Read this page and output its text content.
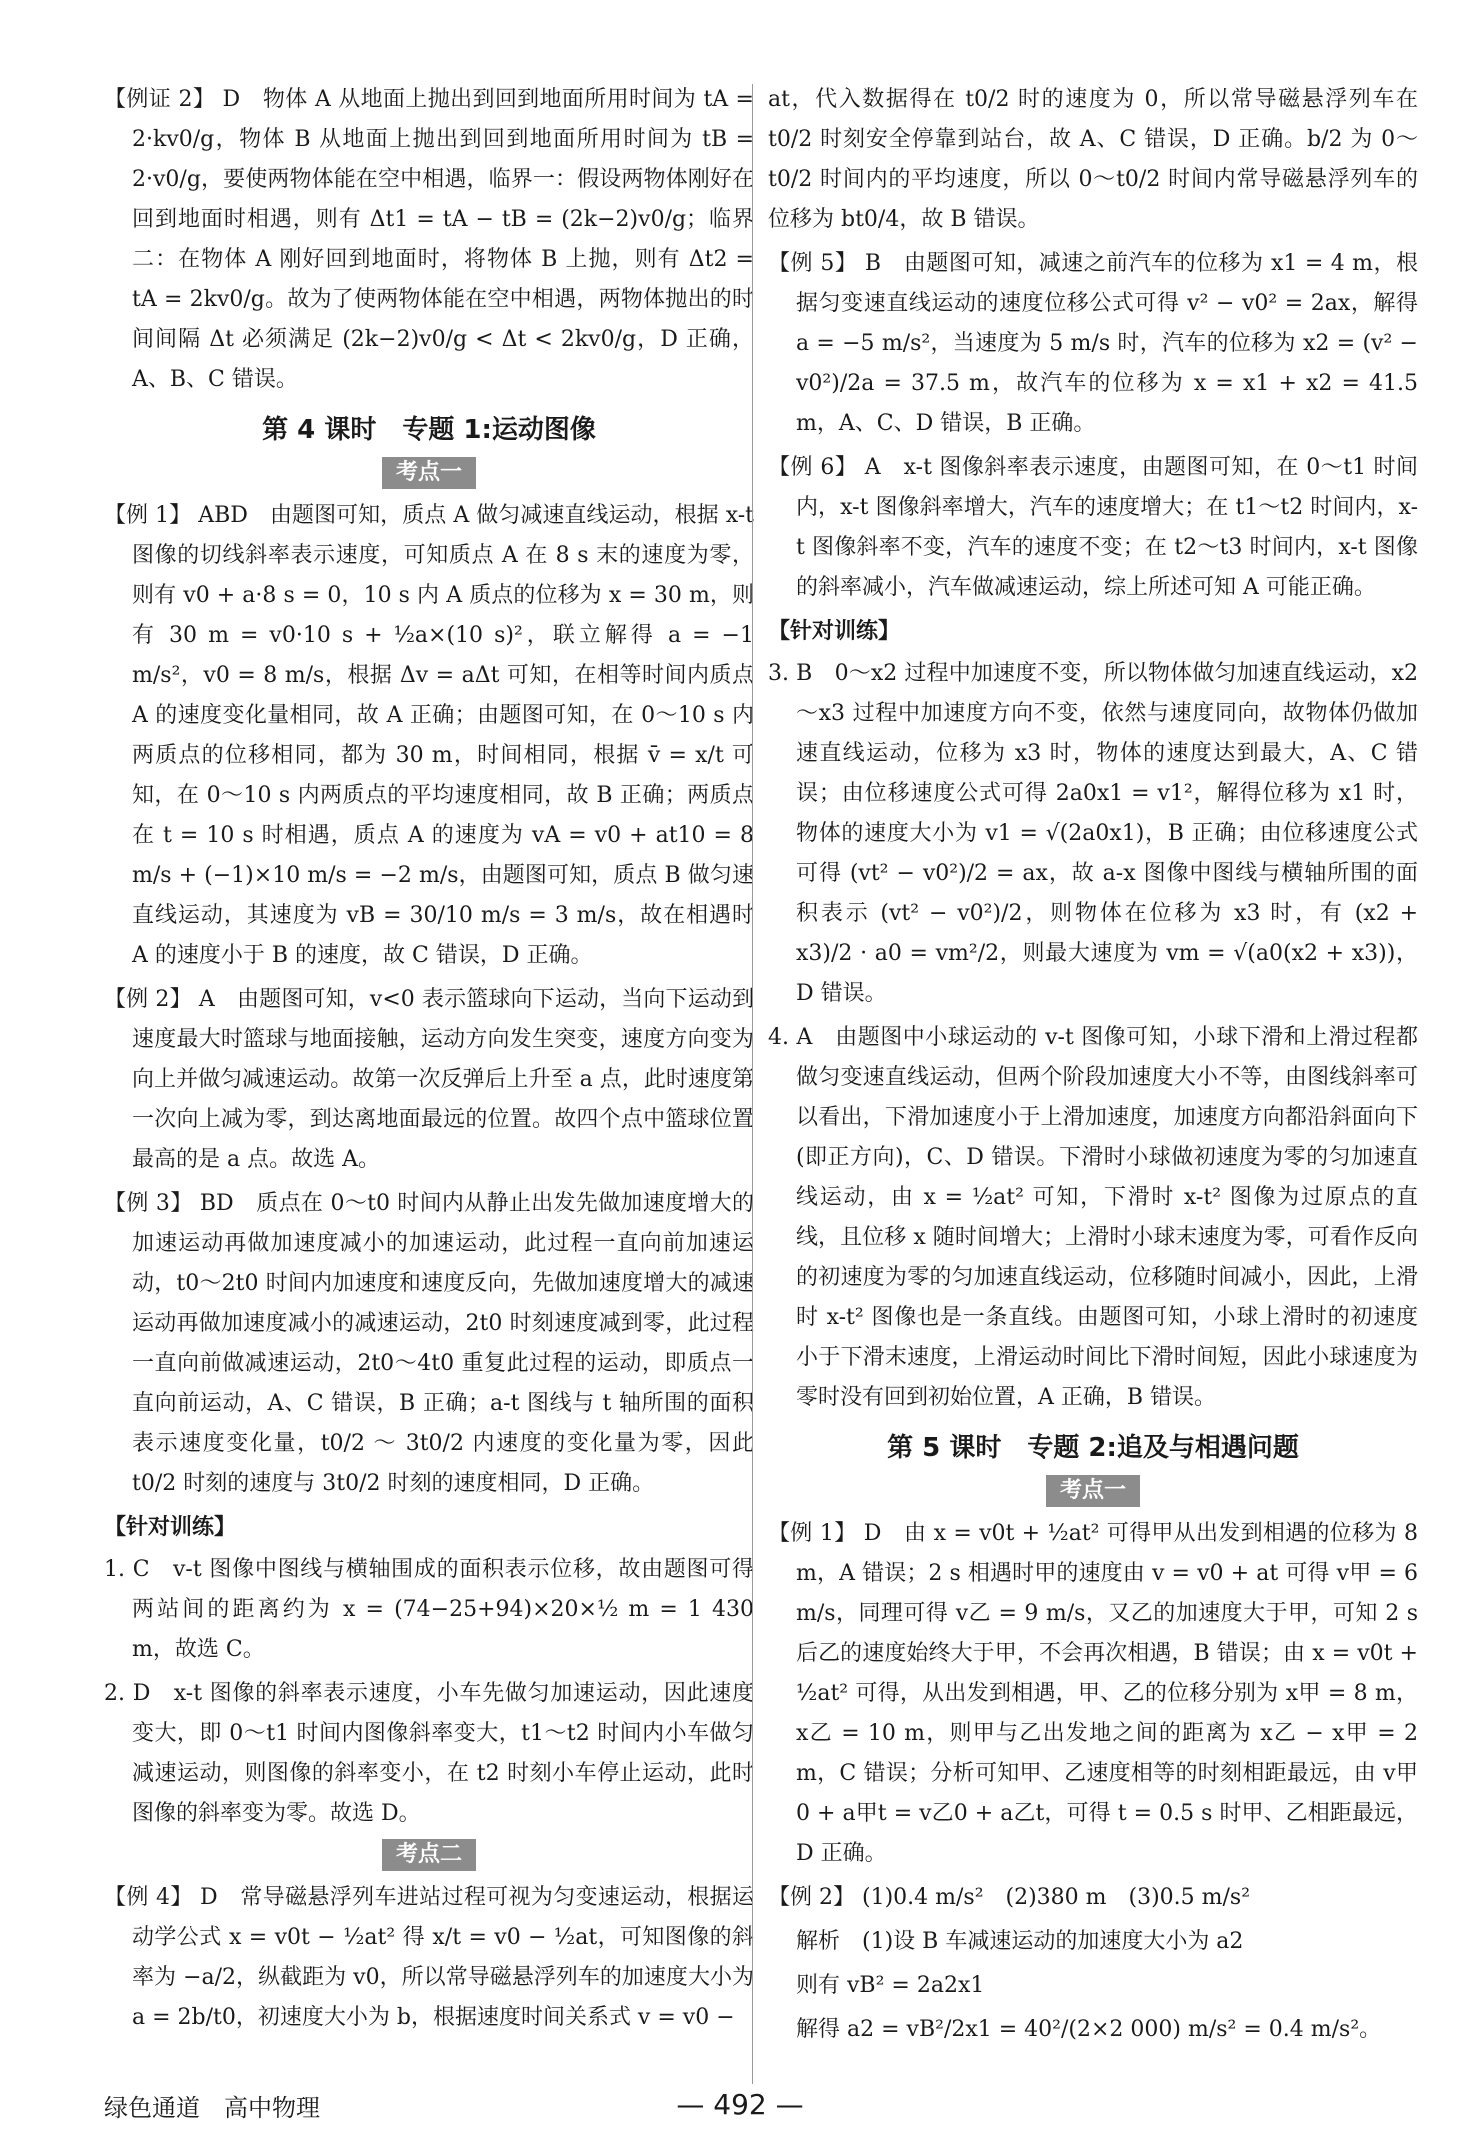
【例证 2】 D　物体 A 从地面上抛出到回到地面所用时间为 tA = 2·kv0/g，物体 B 从地面上抛出到回到地面所用时间为 tB = 2·v0/g，要使两物体能在空中相遇，临界一：假设两物体刚好在回到地面时相遇，则有 Δt1 = tA − tB = (2k−2)v0/g；临界二：在物体 A 刚好回到地面时，将物体 B 上抛，则有 Δt2 = tA = 2kv0/g。故为了使两物体能在空中相遇，两物体抛出的时间间隔 Δt 必须满足 (2k−2)v0/g < Δt < 2kv0/g，D 正确，A、B、C 错误。

第 4 课时　专题 1:运动图像
考点一

【例 1】 ABD　由题图可知，质点 A 做匀减速直线运动，根据 x-t 图像的切线斜率表示速度，可知质点 A 在 8 s 末的速度为零，则有 v0 + a·8 s = 0，10 s 内 A 质点的位移为 x = 30 m，则有 30 m = v0·10 s + ½a×(10 s)²，联立解得 a = −1 m/s²，v0 = 8 m/s，根据 Δv = aΔt 可知，在相等时间内质点 A 的速度变化量相同，故 A 正确；由题图可知，在 0～10 s 内两质点的位移相同，都为 30 m，时间相同，根据 v̄ = x/t 可知，在 0～10 s 内两质点的平均速度相同，故 B 正确；两质点在 t = 10 s 时相遇，质点 A 的速度为 vA = v0 + at10 = 8 m/s + (−1)×10 m/s = −2 m/s，由题图可知，质点 B 做匀速直线运动，其速度为 vB = 30/10 m/s = 3 m/s，故在相遇时 A 的速度小于 B 的速度，故 C 错误，D 正确。

【例 2】 A　由题图可知，v<0 表示篮球向下运动，当向下运动到速度最大时篮球与地面接触，运动方向发生突变，速度方向变为向上并做匀减速运动。故第一次反弹后上升至 a 点，此时速度第一次向上减为零，到达离地面最远的位置。故四个点中篮球位置最高的是 a 点。故选 A。

【例 3】 BD　质点在 0～t0 时间内从静止出发先做加速度增大的加速运动再做加速度减小的加速运动，此过程一直向前加速运动，t0～2t0 时间内加速度和速度反向，先做加速度增大的减速运动再做加速度减小的减速运动，2t0 时刻速度减到零，此过程一直向前做减速运动，2t0～4t0 重复此过程的运动，即质点一直向前运动，A、C 错误，B 正确；a-t 图线与 t 轴所围的面积表示速度变化量，t0/2 ～ 3t0/2 内速度的变化量为零，因此 t0/2 时刻的速度与 3t0/2 时刻的速度相同，D 正确。

【针对训练】

1. C　v-t 图像中图线与横轴围成的面积表示位移，故由题图可得两站间的距离约为 x = (74−25+94)×20×½ m = 1 430 m，故选 C。

2. D　x-t 图像的斜率表示速度，小车先做匀加速运动，因此速度变大，即 0～t1 时间内图像斜率变大，t1～t2 时间内小车做匀减速运动，则图像的斜率变小，在 t2 时刻小车停止运动，此时图像的斜率变为零。故选 D。

考点二

【例 4】 D　常导磁悬浮列车进站过程可视为匀变速运动，根据运动学公式 x = v0t − ½at² 得 x/t = v0 − ½at，可知图像的斜率为 −a/2，纵截距为 v0，所以常导磁悬浮列车的加速度大小为 a = 2b/t0，初速度大小为 b，根据速度时间关系式 v = v0 −

at，代入数据得在 t0/2 时的速度为 0，所以常导磁悬浮列车在 t0/2 时刻安全停靠到站台，故 A、C 错误，D 正确。b/2 为 0～t0/2 时间内的平均速度，所以 0～t0/2 时间内常导磁悬浮列车的位移为 bt0/4，故 B 错误。

【例 5】 B　由题图可知，减速之前汽车的位移为 x1 = 4 m，根据匀变速直线运动的速度位移公式可得 v² − v0² = 2ax，解得 a = −5 m/s²，当速度为 5 m/s 时，汽车的位移为 x2 = (v² − v0²)/2a = 37.5 m，故汽车的位移为 x = x1 + x2 = 41.5 m，A、C、D 错误，B 正确。

【例 6】 A　x-t 图像斜率表示速度，由题图可知，在 0～t1 时间内，x-t 图像斜率增大，汽车的速度增大；在 t1～t2 时间内，x-t 图像斜率不变，汽车的速度不变；在 t2～t3 时间内，x-t 图像的斜率减小，汽车做减速运动，综上所述可知 A 可能正确。

【针对训练】

3. B　0～x2 过程中加速度不变，所以物体做匀加速直线运动，x2～x3 过程中加速度方向不变，依然与速度同向，故物体仍做加速直线运动，位移为 x3 时，物体的速度达到最大，A、C 错误；由位移速度公式可得 2a0x1 = v1²，解得位移为 x1 时，物体的速度大小为 v1 = √(2a0x1)，B 正确；由位移速度公式可得 (vt² − v0²)/2 = ax，故 a-x 图像中图线与横轴所围的面积表示 (vt² − v0²)/2，则物体在位移为 x3 时，有 (x2 + x3)/2 · a0 = vm²/2，则最大速度为 vm = √(a0(x2 + x3))，D 错误。

4. A　由题图中小球运动的 v-t 图像可知，小球下滑和上滑过程都做匀变速直线运动，但两个阶段加速度大小不等，由图线斜率可以看出，下滑加速度小于上滑加速度，加速度方向都沿斜面向下(即正方向)，C、D 错误。下滑时小球做初速度为零的匀加速直线运动，由 x = ½at² 可知，下滑时 x-t² 图像为过原点的直线，且位移 x 随时间增大；上滑时小球末速度为零，可看作反向的初速度为零的匀加速直线运动，位移随时间减小，因此，上滑时 x-t² 图像也是一条直线。由题图可知，小球上滑时的初速度小于下滑末速度，上滑运动时间比下滑时间短，因此小球速度为零时没有回到初始位置，A 正确，B 错误。

第 5 课时　专题 2:追及与相遇问题
考点一

【例 1】 D　由 x = v0t + ½at² 可得甲从出发到相遇的位移为 8 m，A 错误；2 s 相遇时甲的速度由 v = v0 + at 可得 v甲 = 6 m/s，同理可得 v乙 = 9 m/s，又乙的加速度大于甲，可知 2 s 后乙的速度始终大于甲，不会再次相遇，B 错误；由 x = v0t + ½at² 可得，从出发到相遇，甲、乙的位移分别为 x甲 = 8 m，x乙 = 10 m，则甲与乙出发地之间的距离为 x乙 − x甲 = 2 m，C 错误；分析可知甲、乙速度相等的时刻相距最远，由 v甲0 + a甲t = v乙0 + a乙t，可得 t = 0.5 s 时甲、乙相距最远，D 正确。

【例 2】 (1)0.4 m/s²　(2)380 m　(3)0.5 m/s²

解析　(1)设 B 车减速运动的加速度大小为 a2

则有 vB² = 2a2x1

解得 a2 = vB²/2x1 = 40²/(2×2 000) m/s² = 0.4 m/s²。

绿色通道　高中物理	— 492 —
